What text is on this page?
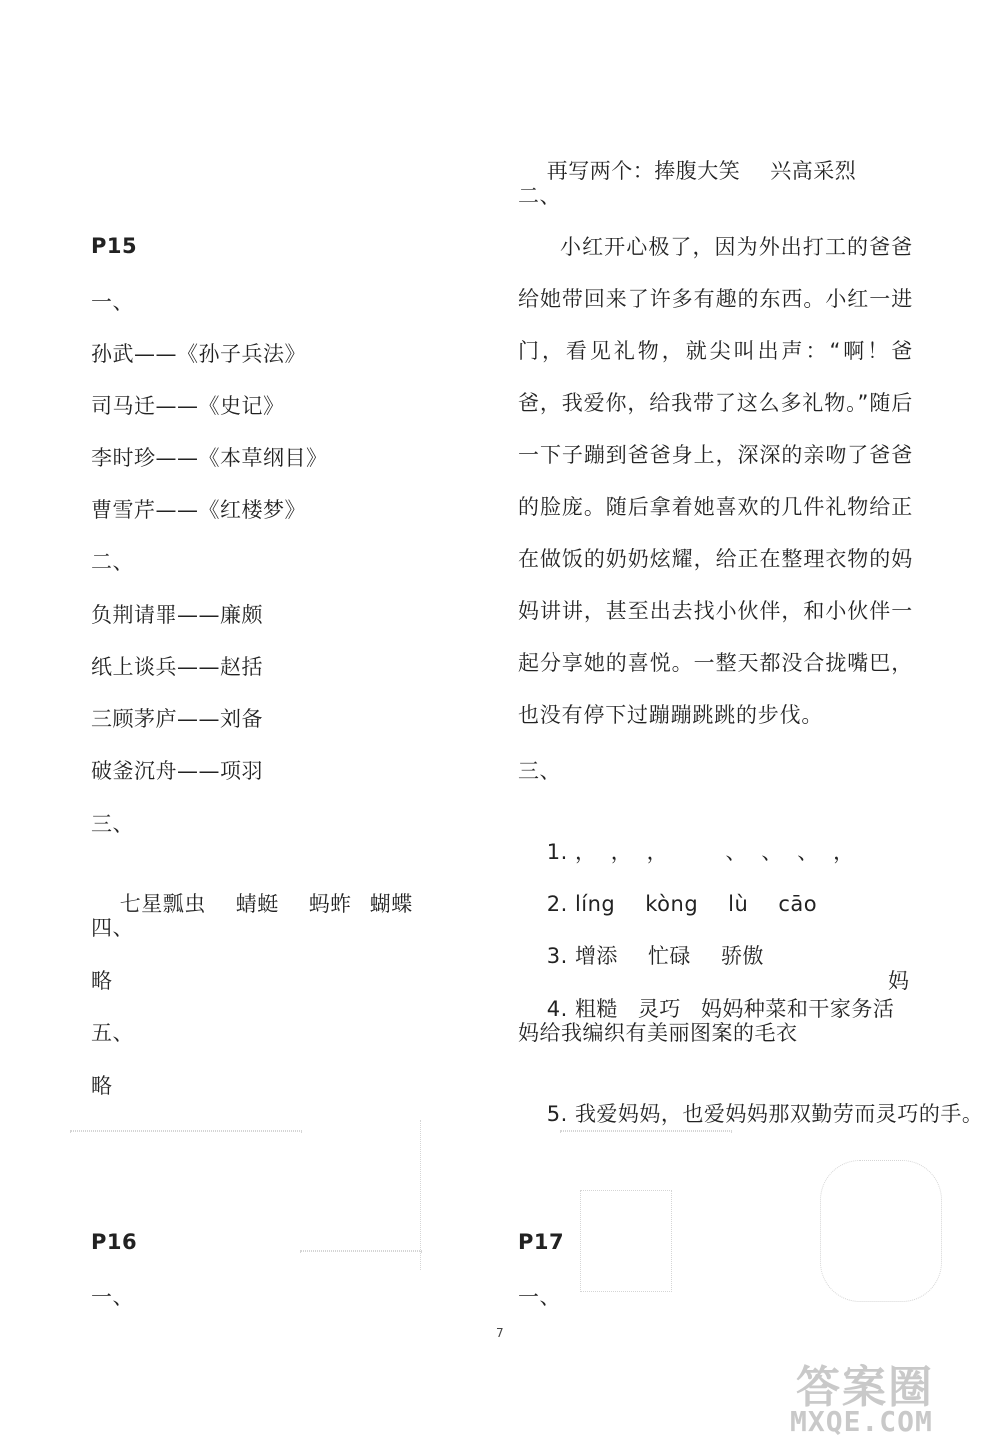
P15
一、
孙武——《孙子兵法》
司马迁——《史记》
李时珍——《本草纲目》
曹雪芹——《红楼梦》
二、
负荆请罪——廉颇
纸上谈兵——赵括
三顾茅庐——刘备
破釜沉舟——项羽
三、

七星瓢虫 蜻蜓 蚂蚱 蝴蝶

四、
略
五、
略
P16
一、

再写两个：捧腹大笑 兴高采烈

二、
小红开心极了，因为外出打工的爸爸给她带回来了许多有趣的东西。小红一进门，看见礼物，就尖叫出声：“啊！爸爸，我爱你，给我带了这么多礼物。”随后一下子蹦到爸爸身上，深深的亲吻了爸爸的脸庞。随后拿着她喜欢的几件礼物给正在做饭的奶奶炫耀，给正在整理衣物的妈妈讲讲，甚至出去找小伙伴，和小伙伴一起分享她的喜悦。一整天都没合拢嘴巴，也没有停下过蹦蹦跳跳的步伐。
三、

1. ，  ，  ，        、  、  、  ，

2. líng kòng lù cāo

3. 增添 忙碌 骄傲

4. 粗糙 灵巧 妈妈种菜和干家务活

妈
妈给我编织有美丽图案的毛衣

5. 我爱妈妈，也爱妈妈那双勤劳而灵巧的手。

P17
一、
7
答案圈
MXQE.COM
